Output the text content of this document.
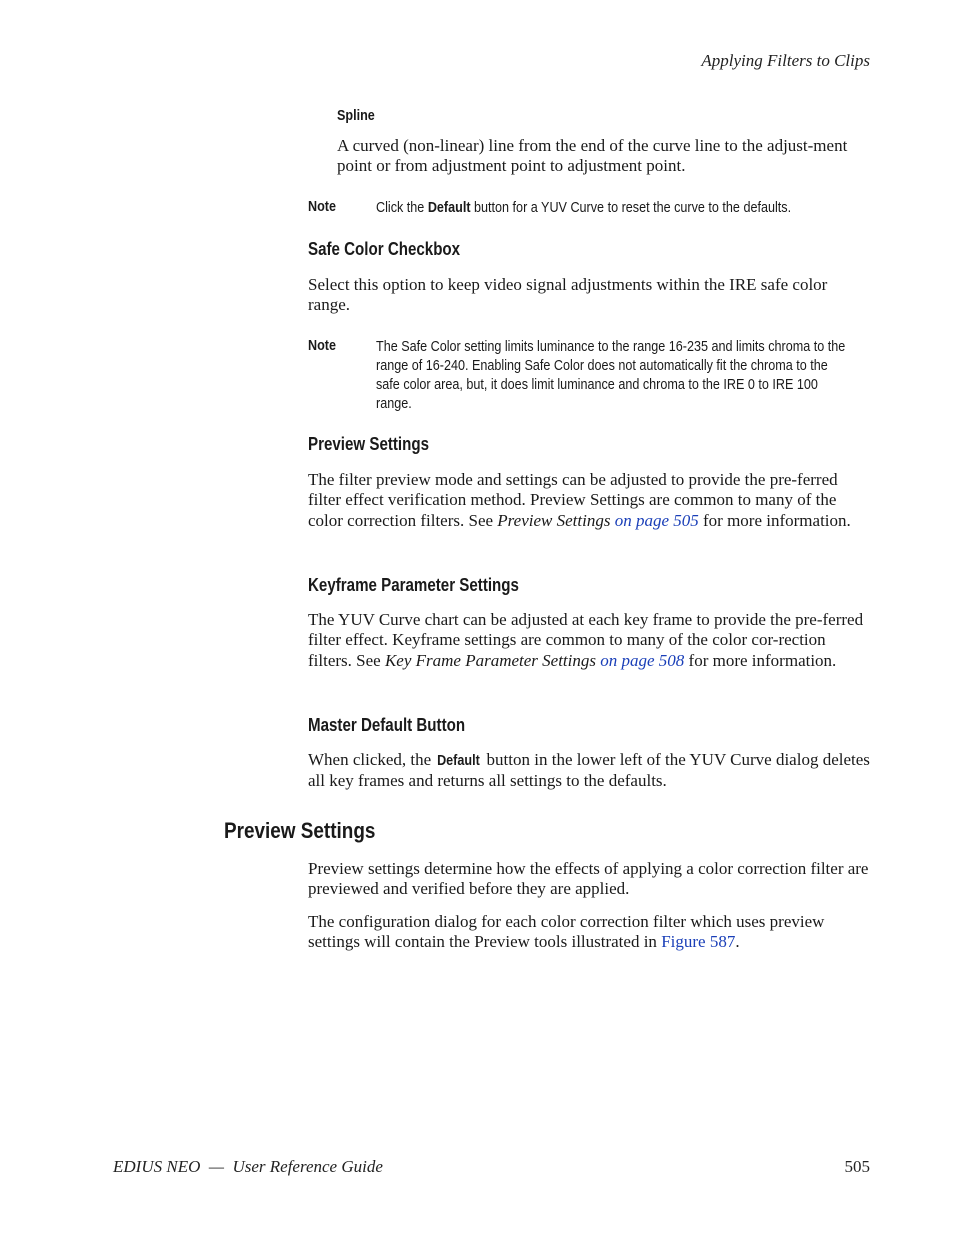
Applying Filters to Clips
Spline

A curved (non-linear) line from the end of the curve line to the adjust-ment point or from adjustment point to adjustment point.

Note	Click the Default button for a YUV Curve to reset the curve to the defaults.
Safe Color Checkbox

Select this option to keep video signal adjustments within the IRE safe color range.

Note	The Safe Color setting limits luminance to the range 16-235 and limits chroma to the range of 16-240. Enabling Safe Color does not automatically fit the chroma to the safe color area, but, it does limit luminance and chroma to the IRE 0 to IRE 100 range.
Preview Settings

The filter preview mode and settings can be adjusted to provide the pre-ferred filter effect verification method. Preview Settings are common to many of the color correction filters. See Preview Settings on page 505 for more information.

Keyframe Parameter Settings

The YUV Curve chart can be adjusted at each key frame to provide the pre-ferred filter effect. Keyframe settings are common to many of the color cor-rection filters. See Key Frame Parameter Settings on page 508 for more information.

Master Default Button

When clicked, the Default button in the lower left of the YUV Curve dialog deletes all key frames and returns all settings to the defaults.

Preview Settings

Preview settings determine how the effects of applying a color correction filter are previewed and verified before they are applied.

The configuration dialog for each color correction filter which uses preview settings will contain the Preview tools illustrated in Figure 587.

EDIUS NEO  —  User Reference Guide	505
